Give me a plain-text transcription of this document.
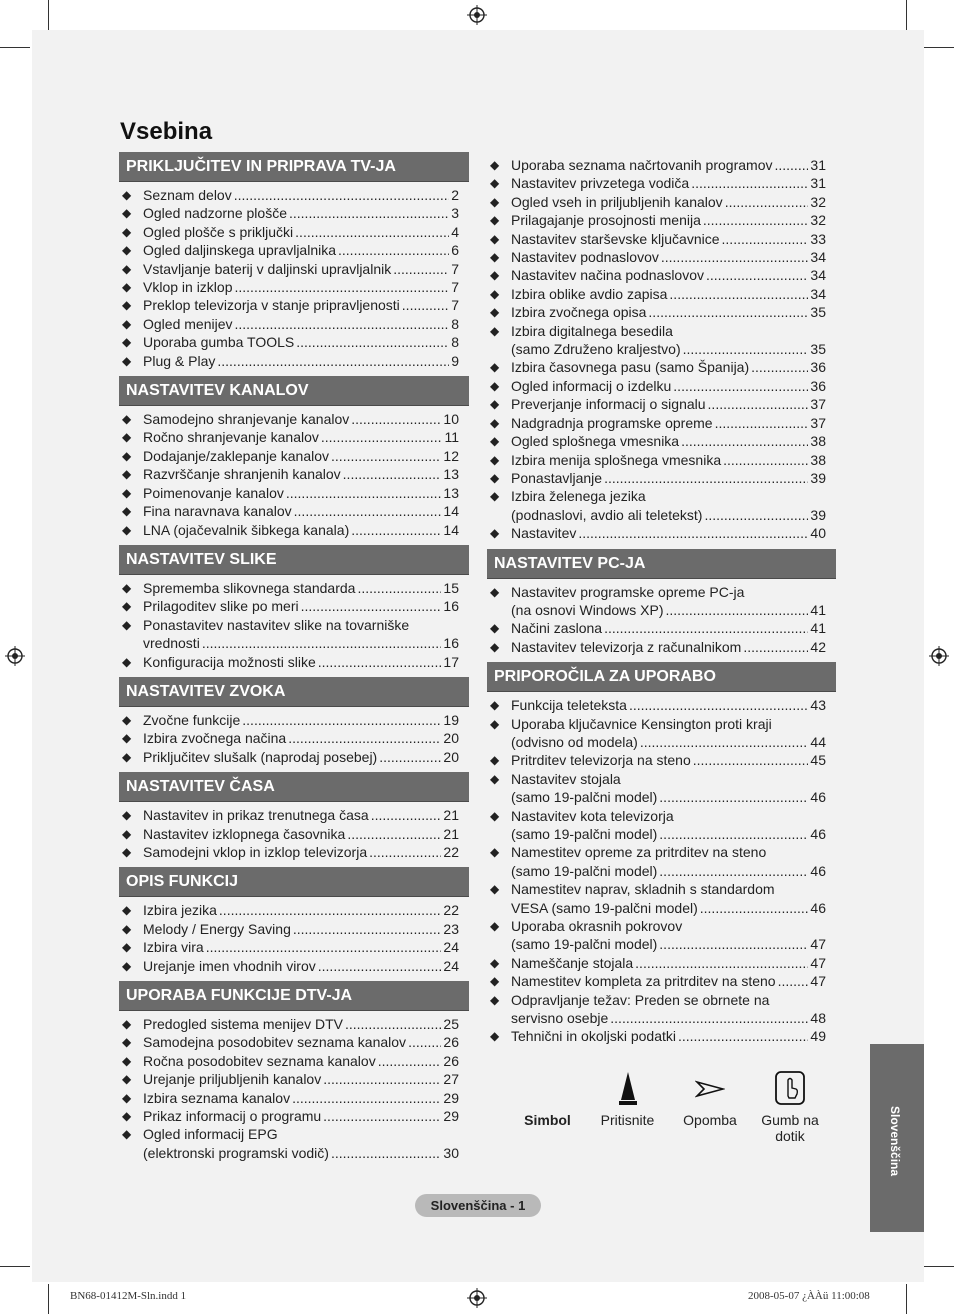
Vsebina
PRIKLJUČITEV IN PRIPRAVA TV-JA
◆ Seznam delov .....	2
◆ Ogled nadzorne plošče .....	3
◆ Ogled plošče s priključki .....	4
◆ Ogled daljinskega upravljalnika .....	6
◆ Vstavljanje baterij v daljinski upravljalnik .....	7
◆ Vklop in izklop .....	7
◆ Preklop televizorja v stanje pripravljenosti .....	7
◆ Ogled menijev .....	8
◆ Uporaba gumba TOOLS .....	8
◆ Plug & Play .....	9
NASTAVITEV KANALOV
◆ Samodejno shranjevanje kanalov .....	10
◆ Ročno shranjevanje kanalov .....	11
◆ Dodajanje/zaklepanje kanalov .....	12
◆ Razvrščanje shranjenih kanalov .....	13
◆ Poimenovanje kanalov .....	13
◆ Fina naravnava kanalov .....	14
◆ LNA (ojačevalnik šibkega kanala) .....	14
NASTAVITEV SLIKE
◆ Sprememba slikovnega standarda .....	15
◆ Prilagoditev slike po meri .....	16
◆ Ponastavitev nastavitev slike na tovarniške
vrednosti .....	16
◆ Konfiguracija možnosti slike .....	17
NASTAVITEV ZVOKA
◆ Zvočne funkcije .....	19
◆ Izbira zvočnega načina .....	20
◆ Priključitev slušalk (naprodaj posebej) .....	20
NASTAVITEV ČASA
◆ Nastavitev in prikaz trenutnega časa .....	21
◆ Nastavitev izklopnega časovnika .....	21
◆ Samodejni vklop in izklop televizorja .....	22
OPIS FUNKCIJ
◆ Izbira jezika .....	22
◆ Melody / Energy Saving .....	23
◆ Izbira vira .....	24
◆ Urejanje imen vhodnih virov .....	24
UPORABA FUNKCIJE DTV-JA
◆ Predogled sistema menijev DTV .....	25
◆ Samodejna posodobitev seznama kanalov .....	26
◆ Ročna posodobitev seznama kanalov .....	26
◆ Urejanje priljubljenih kanalov .....	27
◆ Izbira seznama kanalov .....	29
◆ Prikaz informacij o programu .....	29
◆ Ogled informacij EPG
(elektronski programski vodič) .....	30
◆ Uporaba seznama načrtovanih programov .....	31
◆ Nastavitev privzetega vodiča .....	31
◆ Ogled vseh in priljubljenih kanalov .....	32
◆ Prilagajanje prosojnosti menija .....	32
◆ Nastavitev starševske ključavnice .....	33
◆ Nastavitev podnaslovov .....	34
◆ Nastavitev načina podnaslovov .....	34
◆ Izbira oblike avdio zapisa .....	34
◆ Izbira zvočnega opisa .....	35
◆ Izbira digitalnega besedila
(samo Združeno kraljestvo) .....	35
◆ Izbira časovnega pasu (samo Španija) .....	36
◆ Ogled informacij o izdelku .....	36
◆ Preverjanje informacij o signalu .....	37
◆ Nadgradnja programske opreme .....	37
◆ Ogled splošnega vmesnika .....	38
◆ Izbira menija splošnega vmesnika .....	38
◆ Ponastavljanje .....	39
◆ Izbira želenega jezika
(podnaslovi, avdio ali teletekst) .....	39
◆ Nastavitev .....	40
NASTAVITEV PC-JA
◆ Nastavitev programske opreme PC-ja
(na osnovi Windows XP) .....	41
◆ Načini zaslona .....	41
◆ Nastavitev televizorja z računalnikom .....	42
PRIPOROČILA ZA UPORABO
◆ Funkcija teleteksta .....	43
◆ Uporaba ključavnice Kensington proti kraji
(odvisno od modela) .....	44
◆ Pritrditev televizorja na steno .....	45
◆ Nastavitev stojala
(samo 19-palčni model) .....	46
◆ Nastavitev kota televizorja
(samo 19-palčni model) .....	46
◆ Namestitev opreme za pritrditev na steno
(samo 19-palčni model) .....	46
◆ Namestitev naprav, skladnih s standardom
VESA (samo 19-palčni model) .....	46
◆ Uporaba okrasnih pokrovov
(samo 19-palčni model) .....	47
◆ Nameščanje stojala .....	47
◆ Namestitev kompleta za pritrditev na steno ..... 47
◆ Odpravljanje težav: Preden se obrnete na
servisno osebje .....	48
◆ Tehnični in okoljski podatki .....	49
Simbol	Pritisnite	Opomba	Gumb na
dotik	Slovenščina
Slovenščina - 1
BN68-01412M-Sln.indd 1	2008-05-07 ¿ÀÀü 11:00:08
